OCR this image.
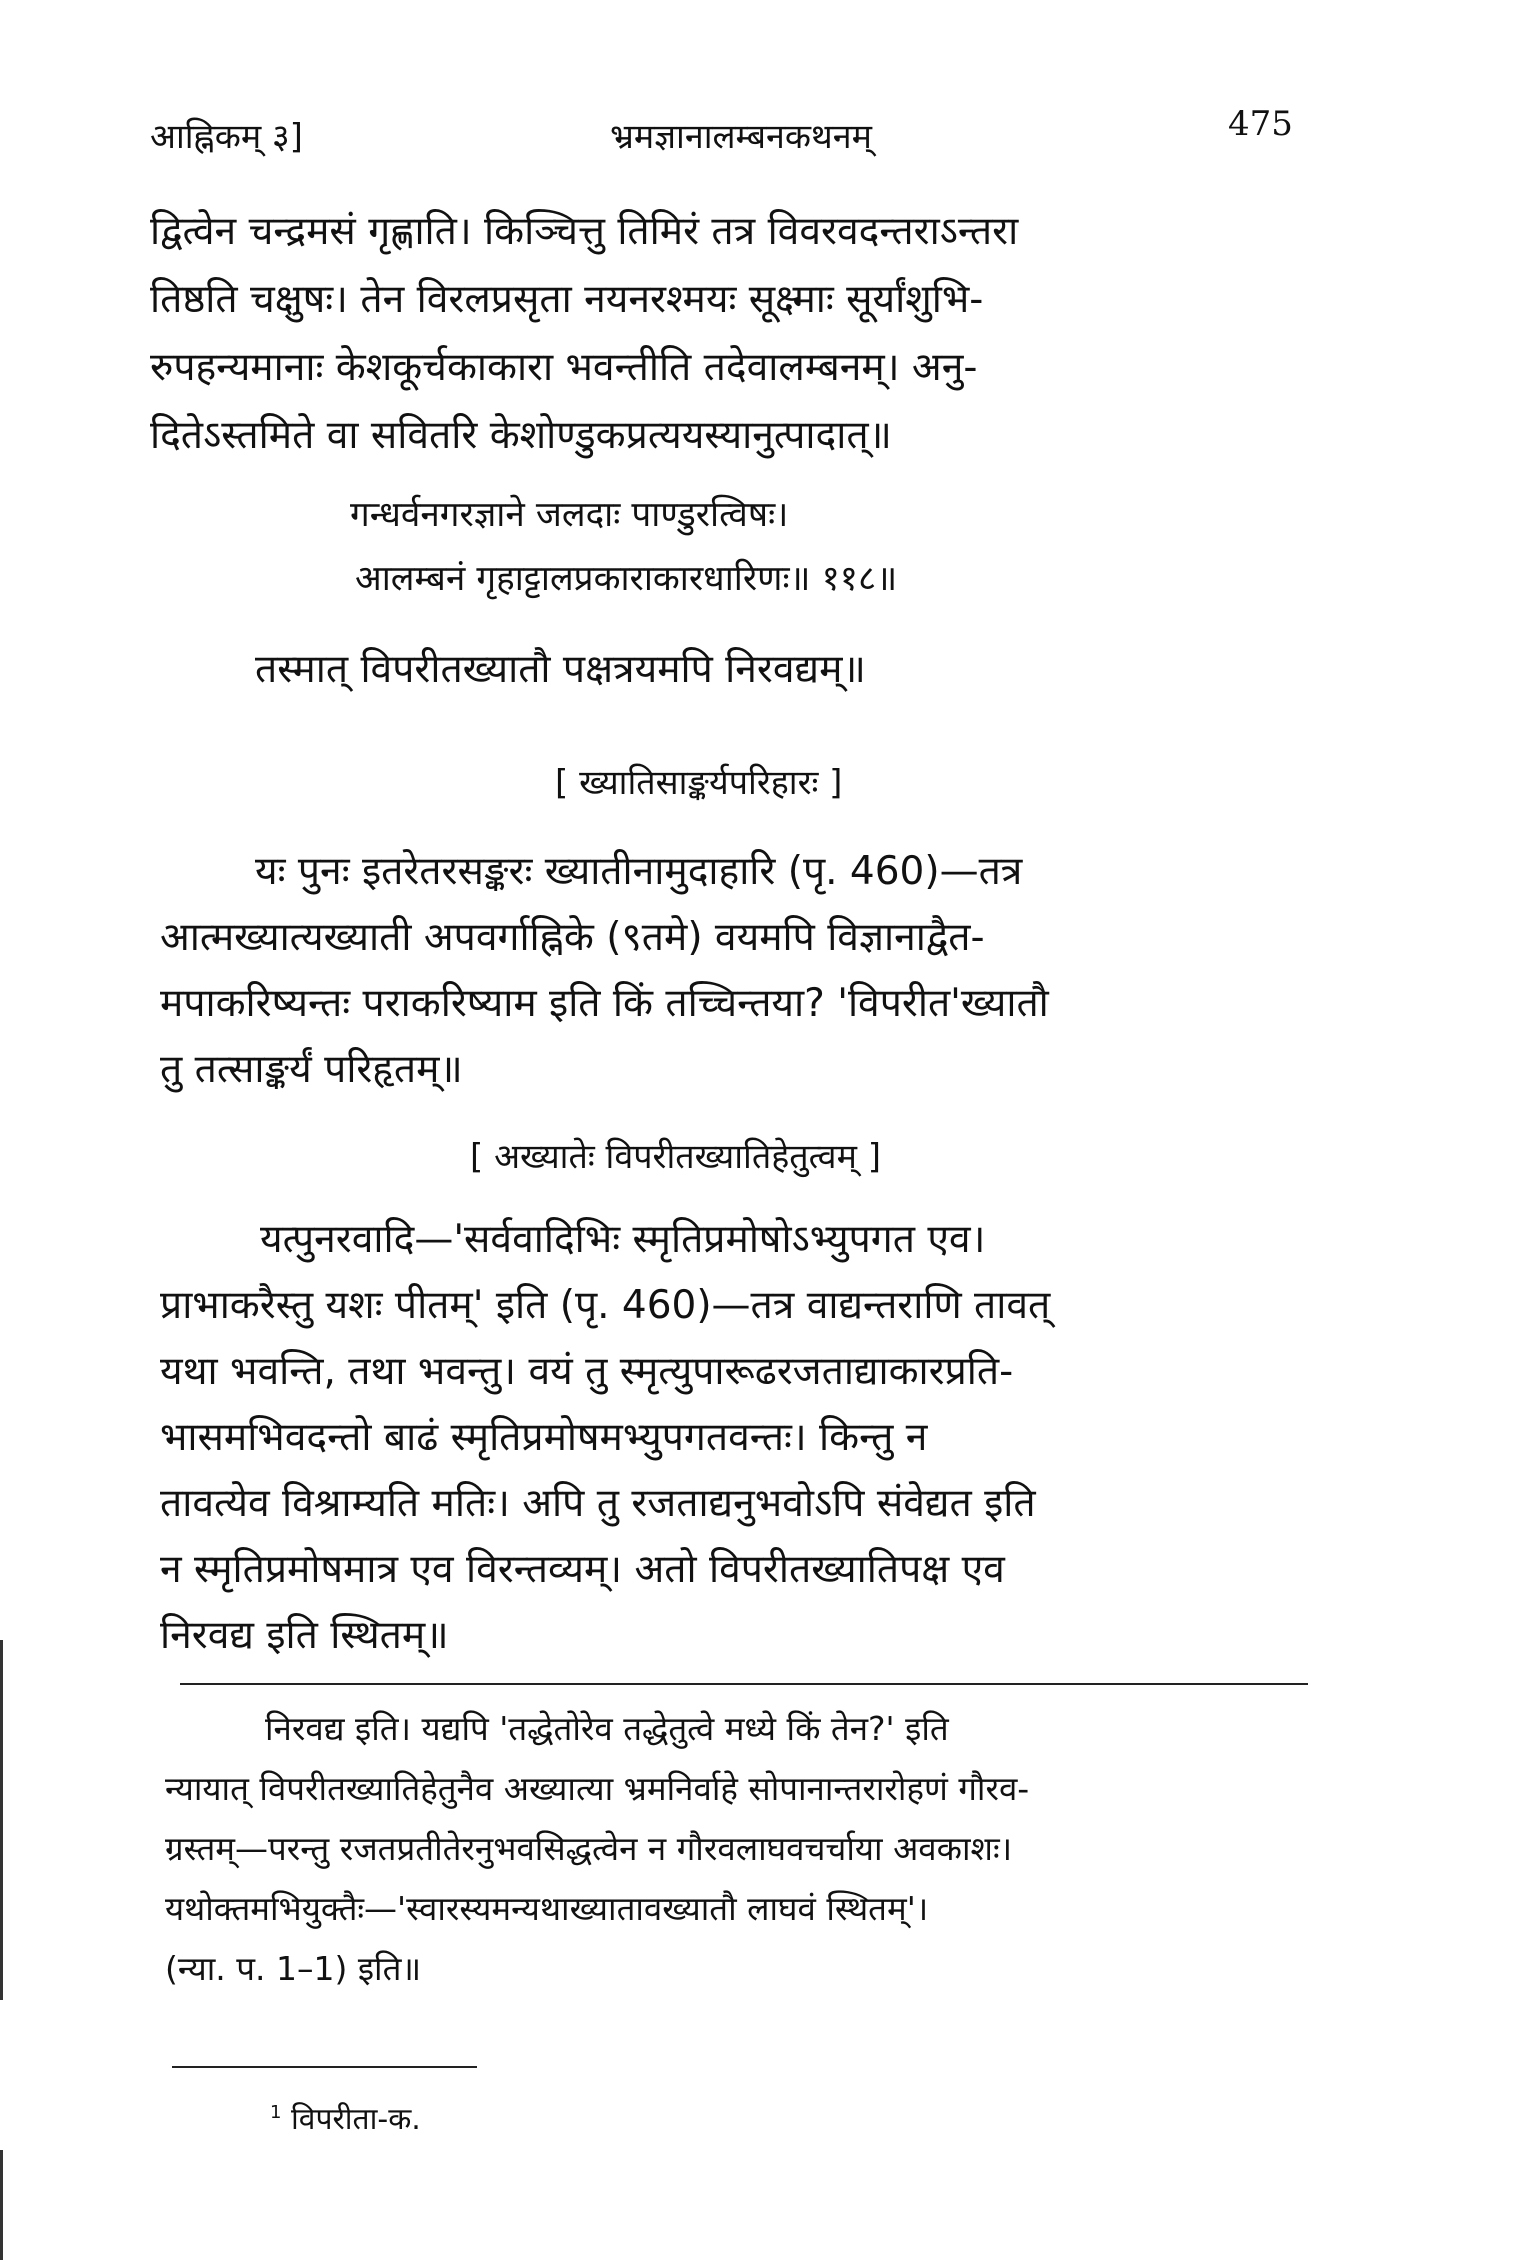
आह्निकम् ३]	भ्रमज्ञानालम्बनकथनम्	475
द्वित्वेन चन्द्रमसं गृह्णाति। किञ्चित्तु तिमिरं तत्र विवरवदन्तराऽन्तरा
तिष्ठति चक्षुषः। तेन विरलप्रसृता नयनरश्मयः सूक्ष्माः सूर्यांशुभि-
रुपहन्यमानाः केशकूर्चकाकारा भवन्तीति तदेवालम्बनम्। अनु-
दितेऽस्तमिते वा सवितरि केशोण्डुकप्रत्ययस्यानुत्पादात्॥
गन्धर्वनगरज्ञाने जलदाः पाण्डुरत्विषः।
आलम्बनं गृहाट्टालप्रकाराकारधारिणः॥ ११८॥
तस्मात् विपरीतख्यातौ पक्षत्रयमपि निरवद्यम्॥
[ ख्यातिसाङ्कर्यपरिहारः ]
यः पुनः इतरेतरसङ्करः ख्यातीनामुदाहारि (पृ. 460)—तत्र
आत्मख्यात्यख्याती अपवर्गाह्निके (९तमे) वयमपि विज्ञानाद्वैत-
मपाकरिष्यन्तः पराकरिष्याम इति किं तच्चिन्तया? 'विपरीत'ख्यातौ
तु तत्साङ्कर्यं परिहृतम्॥
[ अख्यातेः विपरीतख्यातिहेतुत्वम् ]
यत्पुनरवादि—'सर्ववादिभिः स्मृतिप्रमोषोऽभ्युपगत एव।
प्राभाकरैस्तु यशः पीतम्' इति (पृ. 460)—तत्र वाद्यन्तराणि तावत्
यथा भवन्ति, तथा भवन्तु। वयं तु स्मृत्युपारूढरजताद्याकारप्रति-
भासमभिवदन्तो बाढं स्मृतिप्रमोषमभ्युपगतवन्तः। किन्तु न
तावत्येव विश्राम्यति मतिः। अपि तु रजताद्यनुभवोऽपि संवेद्यत इति
न स्मृतिप्रमोषमात्र एव विरन्तव्यम्। अतो विपरीतख्यातिपक्ष एव
निरवद्य इति स्थितम्॥
निरवद्य इति। यद्यपि 'तद्धेतोरेव तद्धेतुत्वे मध्ये किं तेन?' इति
न्यायात् विपरीतख्यातिहेतुनैव अख्यात्या भ्रमनिर्वाहे सोपानान्तरारोहणं गौरव-
ग्रस्तम्—परन्तु रजतप्रतीतेरनुभवसिद्धत्वेन न गौरवलाघवचर्चाया अवकाशः।
यथोक्तमभियुक्तैः—'स्वारस्यमन्यथाख्यातावख्यातौ लाघवं स्थितम्'।
(न्या. प. 1–1) इति॥
$^1$ विपरीता-क.
